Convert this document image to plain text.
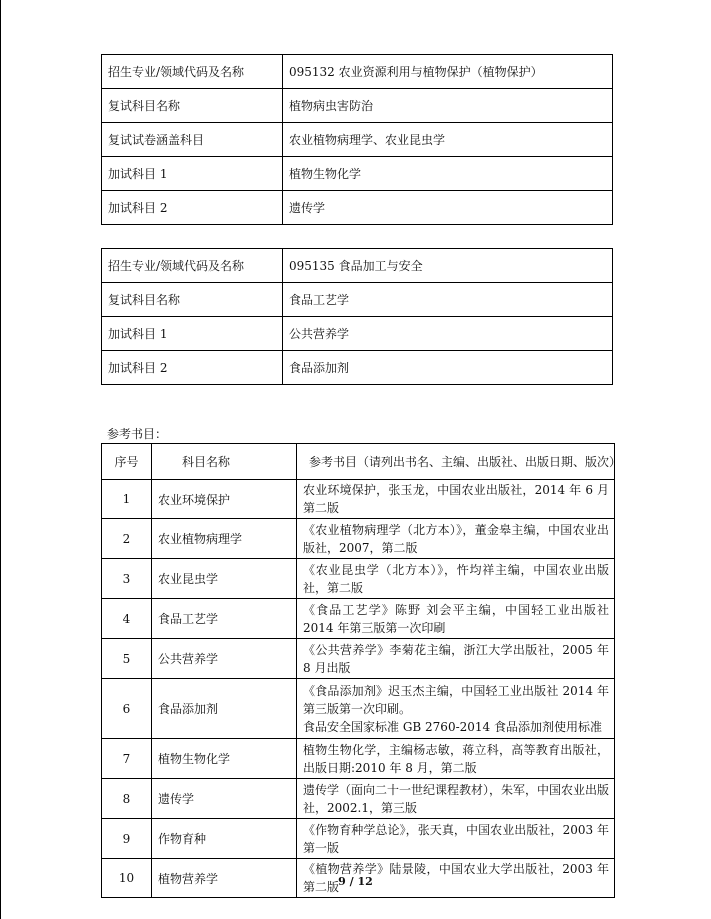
招生专业/领域代码及名称	095132 农业资源利用与植物保护（植物保护）
复试科目名称	植物病虫害防治
复试试卷涵盖科目	农业植物病理学、农业昆虫学
加试科目 1	植物生物化学
加试科目 2	遗传学
招生专业/领域代码及名称	095135 食品加工与安全
复试科目名称	食品工艺学
加试科目 1	公共营养学
加试科目 2	食品添加剂
参考书目：
序号	科目名称	参考书目（请列出书名、主编、出版社、出版日期、版次）
1	农业环境保护	农业环境保护，张玉龙，中国农业出版社，2014 年 6 月第二版
2	农业植物病理学	《农业植物病理学（北方本）》，董金皋主编，中国农业出版社，2007，第二版
3	农业昆虫学	《农业昆虫学（北方本）》，忤均祥主编，中国农业出版社，第二版
4	食品工艺学	《食品工艺学》陈野 刘会平主编，中国轻工业出版社 2014 年第三版第一次印刷
5	公共营养学	《公共营养学》李菊花主编，浙江大学出版社，2005 年 8 月出版
6	食品添加剂	《食品添加剂》迟玉杰主编，中国轻工业出版社 2014 年第三版第一次印刷。
食品安全国家标准 GB 2760-2014 食品添加剂使用标准
7	植物生物化学	植物生物化学，主编杨志敏，蒋立科，高等教育出版社，出版日期:2010 年 8 月，第二版
8	遗传学	遗传学（面向二十一世纪课程教材），朱军，中国农业出版社，2002.1，第三版
9	作物育种	《作物育种学总论》，张天真，中国农业出版社，2003 年第一版
10	植物营养学	《植物营养学》陆景陵，中国农业大学出版社，2003 年第二版 9 / 12
